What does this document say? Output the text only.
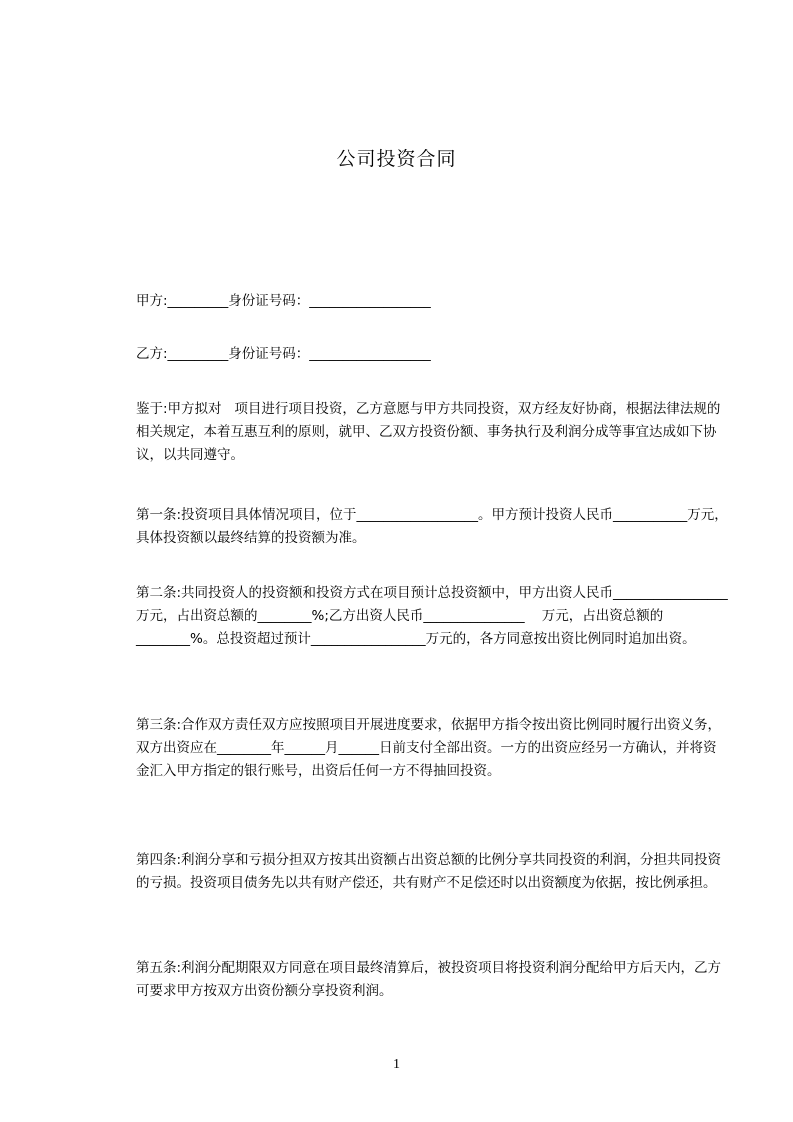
公司投资合同

甲方:_________身份证号码：__________________

乙方:_________身份证号码：__________________

鉴于:甲方拟对   项目进行项目投资，乙方意愿与甲方共同投资，双方经友好协商，根据法律法规的相关规定，本着互惠互利的原则，就甲、乙双方投资份额、事务执行及利润分成等事宜达成如下协议，以共同遵守。

第一条:投资项目具体情况项目，位于__________________。甲方预计投资人民币___________万元，具体投资额以最终结算的投资额为准。

第二条:共同投资人的投资额和投资方式在项目预计总投资额中，甲方出资人民币_________________万元，占出资总额的________%;乙方出资人民币_______________    万元，占出资总额的________%。总投资超过预计_________________万元的，各方同意按出资比例同时追加出资。

第三条:合作双方责任双方应按照项目开展进度要求，依据甲方指令按出资比例同时履行出资义务，双方出资应在________年______月______日前支付全部出资。一方的出资应经另一方确认，并将资金汇入甲方指定的银行账号，出资后任何一方不得抽回投资。

第四条:利润分享和亏损分担双方按其出资额占出资总额的比例分享共同投资的利润，分担共同投资的亏损。投资项目债务先以共有财产偿还，共有财产不足偿还时以出资额度为依据，按比例承担。

第五条:利润分配期限双方同意在项目最终清算后，被投资项目将投资利润分配给甲方后天内，乙方可要求甲方按双方出资份额分享投资利润。

1
